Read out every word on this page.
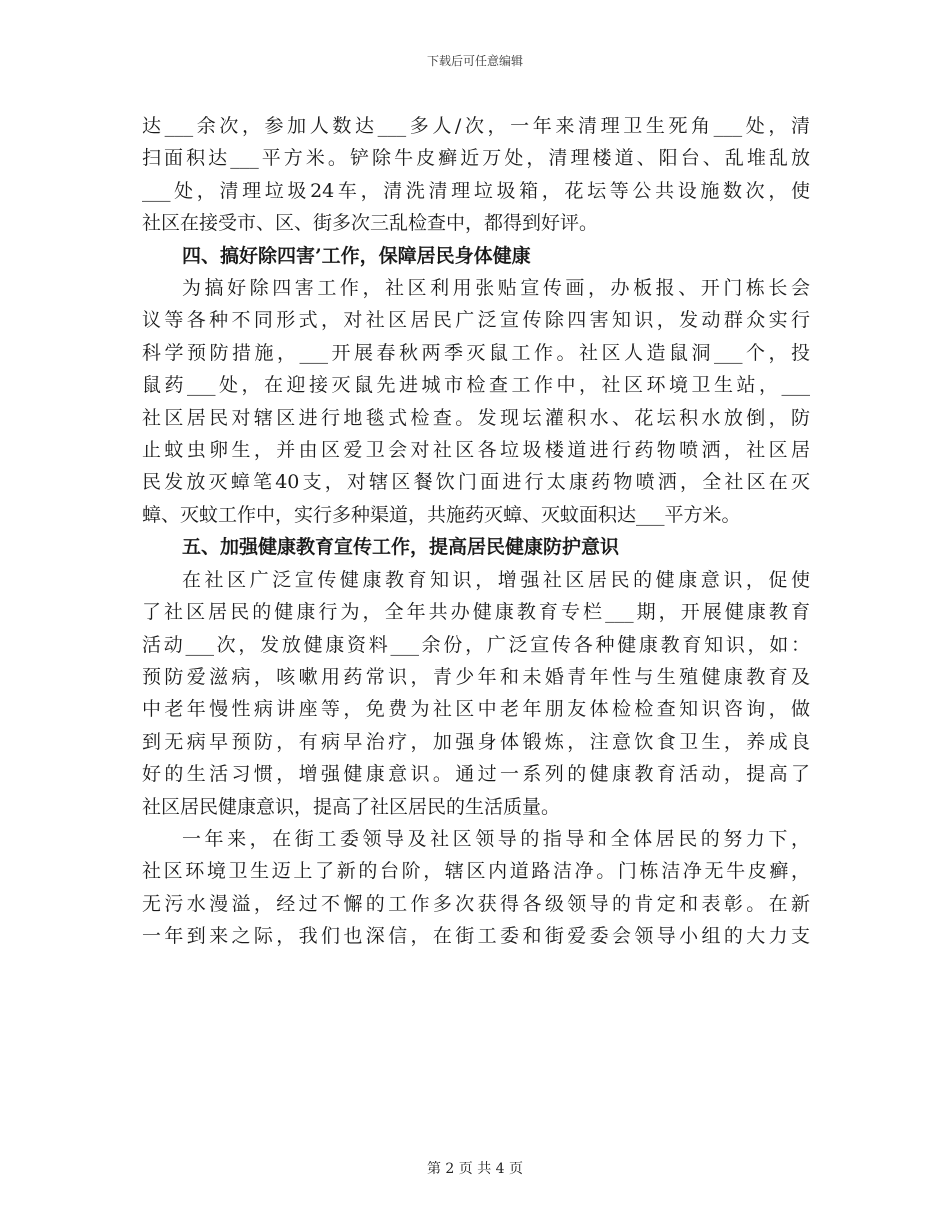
下载后可任意编辑
达___余次，参加人数达___多人/次，一年来清理卫生死角___处，清
扫面积达___平方米。铲除牛皮癣近万处，清理楼道、阳台、乱堆乱放
___处，清理垃圾24车，清洗清理垃圾箱，花坛等公共设施数次，使
社区在接受市、区、街多次三乱检查中，都得到好评。
四、搞好除四害’工作，保障居民身体健康
为搞好除四害工作，社区利用张贴宣传画，办板报、开门栋长会
议等各种不同形式，对社区居民广泛宣传除四害知识，发动群众实行
科学预防措施，___开展春秋两季灭鼠工作。社区人造鼠洞___个，投
鼠药___处，在迎接灭鼠先进城市检查工作中，社区环境卫生站，___
社区居民对辖区进行地毯式检查。发现坛灌积水、花坛积水放倒，防
止蚊虫卵生，并由区爱卫会对社区各垃圾楼道进行药物喷洒，社区居
民发放灭蟑笔40支，对辖区餐饮门面进行太康药物喷洒，全社区在灭
蟑、灭蚊工作中，实行多种渠道，共施药灭蟑、灭蚊面积达___平方米。
五、加强健康教育宣传工作，提高居民健康防护意识
在社区广泛宣传健康教育知识，增强社区居民的健康意识，促使
了社区居民的健康行为，全年共办健康教育专栏___期，开展健康教育
活动___次，发放健康资料___余份，广泛宣传各种健康教育知识，如：
预防爱滋病，咳嗽用药常识，青少年和未婚青年性与生殖健康教育及
中老年慢性病讲座等，免费为社区中老年朋友体检检查知识咨询，做
到无病早预防，有病早治疗，加强身体锻炼，注意饮食卫生，养成良
好的生活习惯，增强健康意识。通过一系列的健康教育活动，提高了
社区居民健康意识，提高了社区居民的生活质量。
一年来，在街工委领导及社区领导的指导和全体居民的努力下，
社区环境卫生迈上了新的台阶，辖区内道路洁净。门栋洁净无牛皮癣，
无污水漫溢，经过不懈的工作多次获得各级领导的肯定和表彰。在新
一年到来之际，我们也深信，在街工委和街爱委会领导小组的大力支
第 2 页 共 4 页
